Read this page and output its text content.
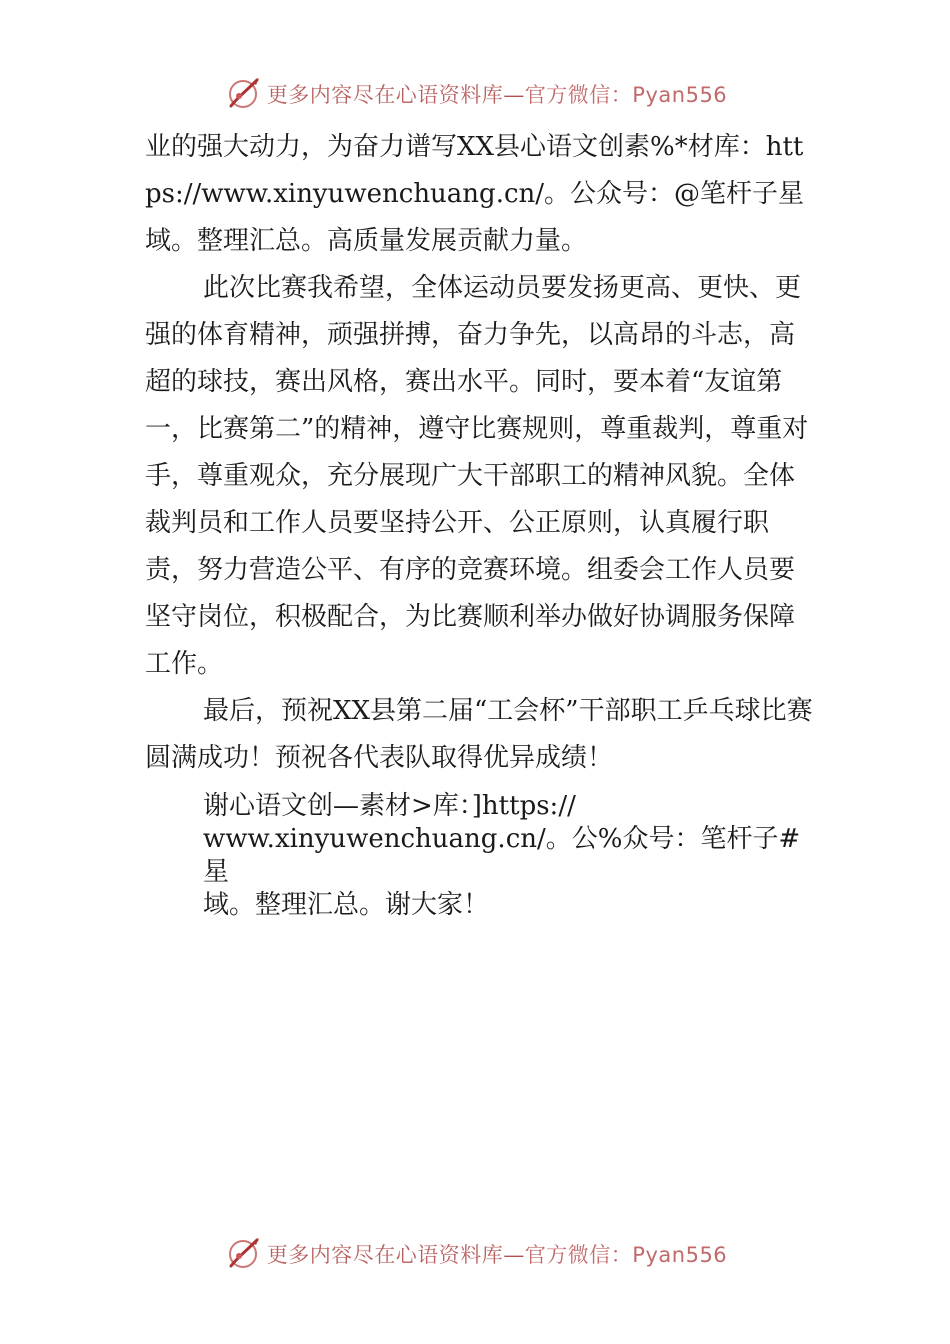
更多内容尽在心语资料库—官方微信：Pyan556

业的强大动力，为奋力谱写XX县心语文创素%*材库：https://www.xinyuwenchuang.cn/。公众号：@笔杆子星域。整理汇总。高质量发展贡献力量。

此次比赛我希望，全体运动员要发扬更高、更快、更强的体育精神，顽强拼搏，奋力争先，以高昂的斗志，高超的球技，赛出风格，赛出水平。同时，要本着“友谊第一，比赛第二”的精神，遵守比赛规则，尊重裁判，尊重对手，尊重观众，充分展现广大干部职工的精神风貌。全体裁判员和工作人员要坚持公开、公正原则，认真履行职责，努力营造公平、有序的竞赛环境。组委会工作人员要坚守岗位，积极配合，为比赛顺利举办做好协调服务保障工作。

最后，预祝XX县第二届“工会杯”干部职工乒乓球比赛圆满成功！预祝各代表队取得优异成绩！

谢心语文创—素材>库：]https://
www.xinyuwenchuang.cn/。公%众号：笔杆子#星
域。整理汇总。谢大家！
更多内容尽在心语资料库—官方微信：Pyan556
